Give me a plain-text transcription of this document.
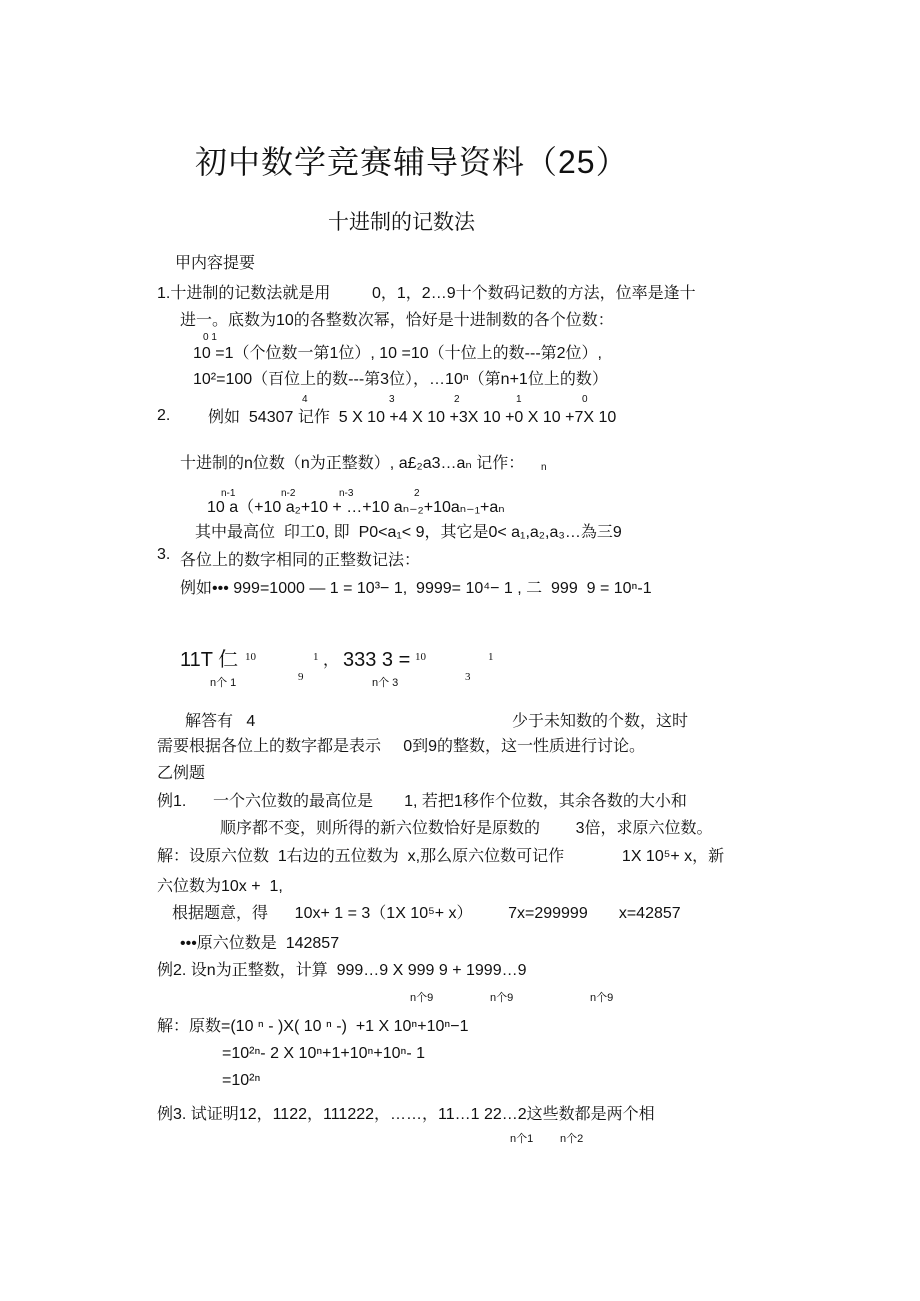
初中数学竞赛辅导资料（25）
十进制的记数法
甲内容提要
1.十进制的记数法就是用	0，1，2…9十个数码记数的方法，位率是逢十
进一。底数为10的各整数次幂，恰好是十进制数的各个位数：
0 1
10 =1（个位数一第1位）, 10 =10（十位上的数---第2位）,
10²=100（百位上的数---第3位），…10ⁿ（第n+1位上的数）
4	3	2	1	0
2. 例如  54307 记作  5 X 10 +4 X 10 +3X 10 +0 X 10 +7X 10
十进制的n位数（n为正整数）, a£₂a3…aₙ 记作： n
n-1	n-2	n-3	2
10 a（+10 a₂+10 + …+10 aₙ₋₂+10aₙ₋₁+aₙ
其中最高位  印工0, 即  P0<a₁< 9，其它是0< a₁,a₂,a₃…為三9
3. 各位上的数字相同的正整数记法：
例如••• 999=1000 — 1 = 10³− 1,  9999= 10⁴− 1 , 二  999  9 = 10ⁿ-1
11T 仁 10	1 ， 333 3 = 10	1
n个 1	9	n个 3	3
解答有   4	少于未知数的个数，这时
需要根据各位上的数字都是表示     0到9的整数，这一性质进行讨论。
乙例题
例1.      一个六位数的最高位是       1, 若把1移作个位数，其余各数的大小和
顺序都不变，则所得的新六位数恰好是原数的        3倍，求原六位数。
解：设原六位数  1右边的五位数为  x,那么原六位数可记作             1X 10⁵+ x，新
六位数为10x +  1,
根据题意，得      10x+ 1 = 3（1X 10⁵+ x）        7x=299999       x=42857
•••原六位数是  142857
例2. 设n为正整数，计算  999…9 X 999 9 + 1999…9
n个9	n个9	n个9
解：原数=(10 ⁿ - )X( 10 ⁿ -)  +1 X 10ⁿ+10ⁿ−1
=10²ⁿ- 2 X 10ⁿ+1+10ⁿ+10ⁿ- 1
=10²ⁿ
例3. 试证明12，1122，111222，……，11…1 22…2这些数都是两个相
n个1 n个2
